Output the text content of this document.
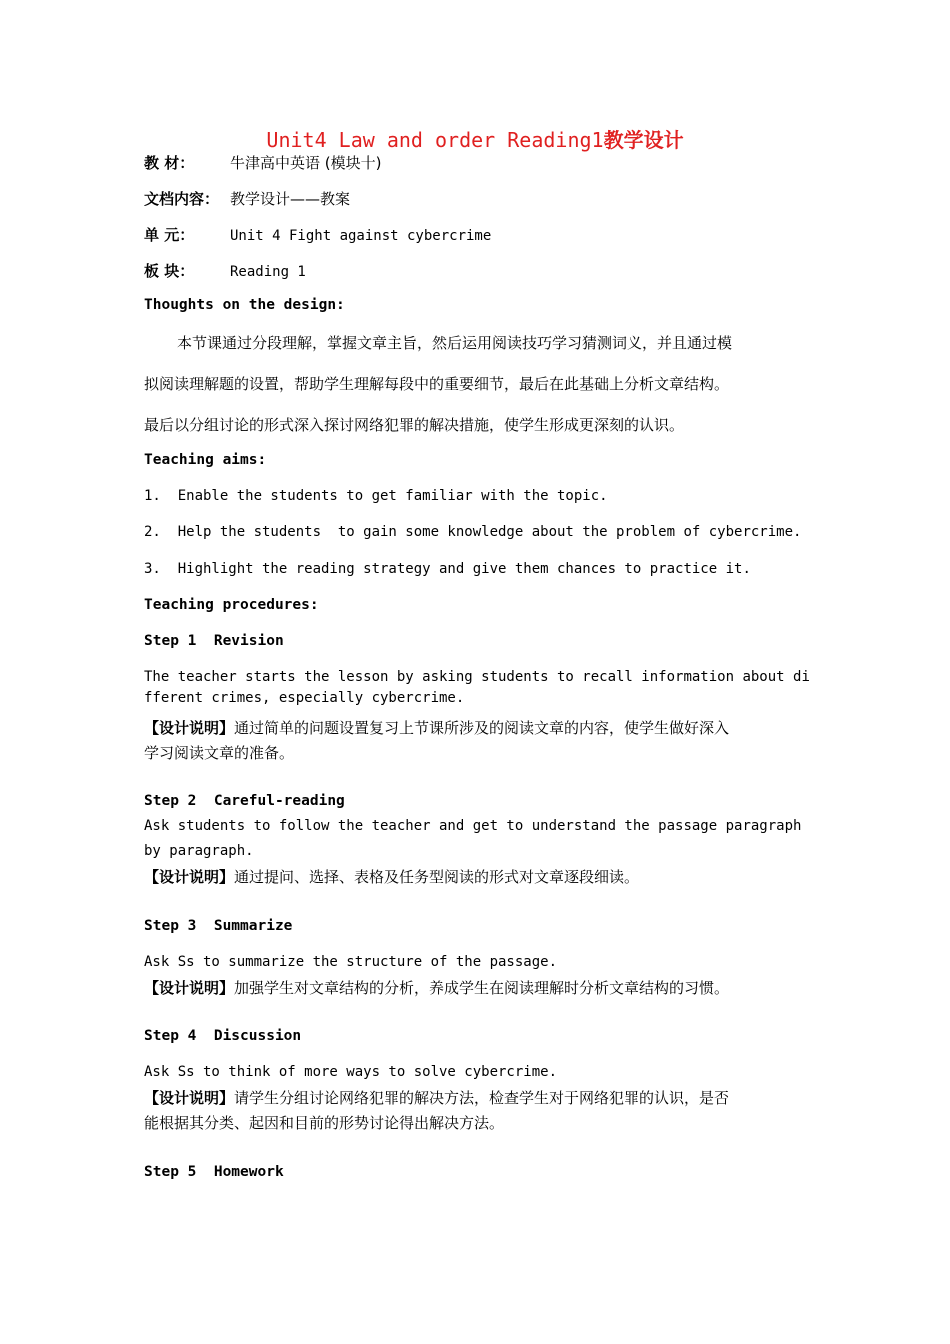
Unit4 Law and order Reading1教学设计
教 材： 牛津高中英语 (模块十)
文档内容： 教学设计——教案
单 元：	Unit 4 Fight against cybercrime
板 块：	Reading 1
Thoughts on the design:
本节课通过分段理解，掌握文章主旨，然后运用阅读技巧学习猜测词义，并且通过模
拟阅读理解题的设置，帮助学生理解每段中的重要细节，最后在此基础上分析文章结构。
最后以分组讨论的形式深入探讨网络犯罪的解决措施，使学生形成更深刻的认识。
Teaching aims:
1.  Enable the students to get familiar with the topic.
2.  Help the students  to gain some knowledge about the problem of cybercrime.
3.  Highlight the reading strategy and give them chances to practice it.
Teaching procedures:
Step 1  Revision
The teacher starts the lesson by asking students to recall information about di
fferent crimes, especially cybercrime.
【设计说明】通过简单的问题设置复习上节课所涉及的阅读文章的内容，使学生做好深入
学习阅读文章的准备。
Step 2  Careful-reading
Ask students to follow the teacher and get to understand the passage paragraph
by paragraph.
【设计说明】通过提问、选择、表格及任务型阅读的形式对文章逐段细读。
Step 3  Summarize
Ask Ss to summarize the structure of the passage.
【设计说明】加强学生对文章结构的分析，养成学生在阅读理解时分析文章结构的习惯。
Step 4  Discussion
Ask Ss to think of more ways to solve cybercrime.
【设计说明】请学生分组讨论网络犯罪的解决方法，检查学生对于网络犯罪的认识，是否
能根据其分类、起因和目前的形势讨论得出解决方法。
Step 5  Homework
